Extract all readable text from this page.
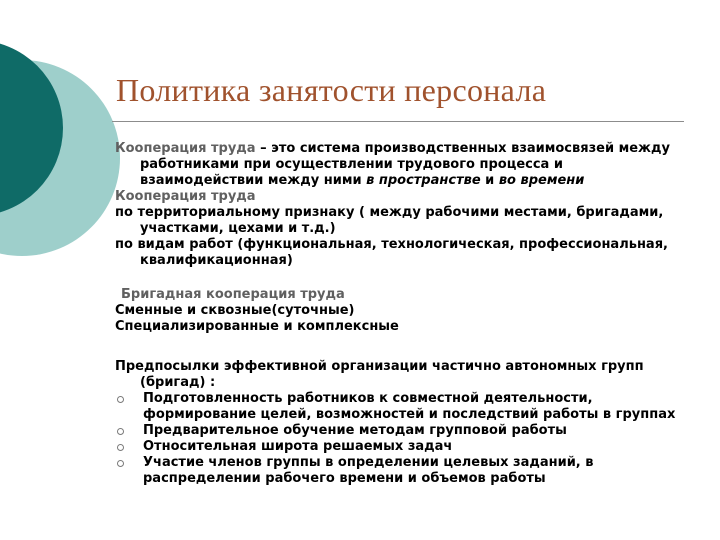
Политика занятости персонала
Кооперация труда – это система производственных взаимосвязей между работниками при осуществлении трудового процесса и взаимодействии между ними в пространстве и во времени
Кооперация труда
по территориальному признаку ( между рабочими местами, бригадами, участками, цехами и т.д.)
по видам работ (функциональная, технологическая, профессиональная, квалификационная)
Бригадная кооперация труда
Сменные и сквозные(суточные)
Специализированные и комплексные
Предпосылки эффективной организации частично автономных групп (бригад) :
Подготовленность работников к совместной деятельности, формирование целей, возможностей и последствий работы в группах
Предварительное обучение методам групповой работы
Относительная широта решаемых задач
Участие членов группы в определении целевых заданий, в распределении рабочего времени и объемов работы
